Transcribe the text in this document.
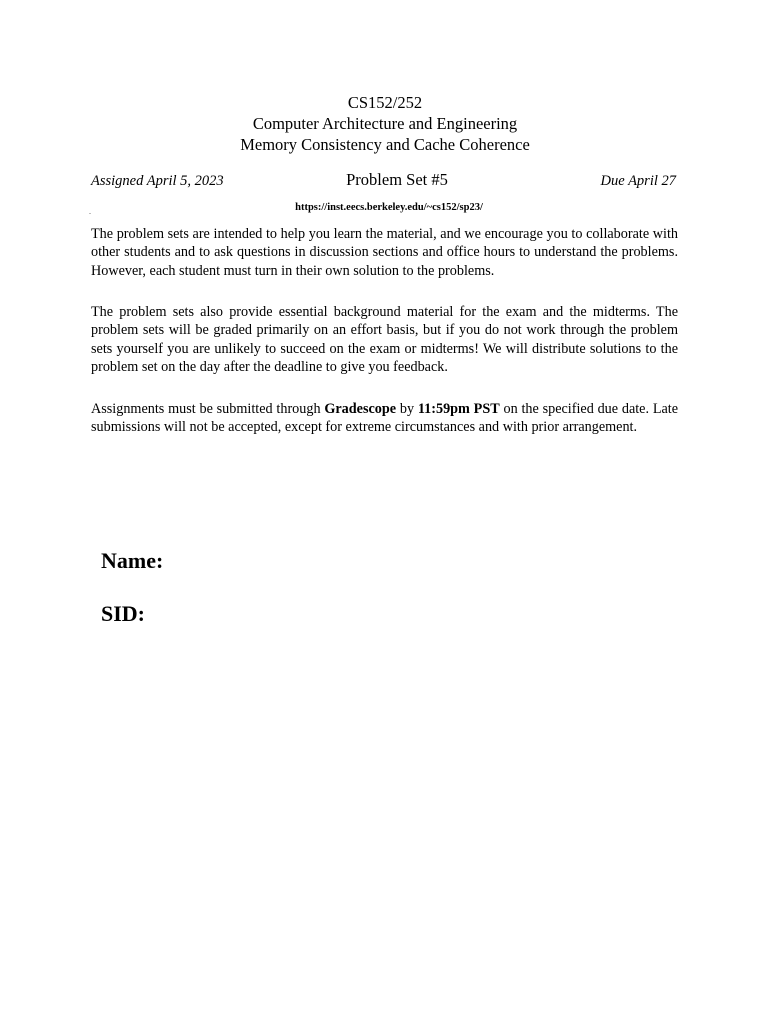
CS152/252
Computer Architecture and Engineering
Memory Consistency and Cache Coherence
Assigned April 5, 2023	Problem Set #5	Due April 27
.	https://inst.eecs.berkeley.edu/~cs152/sp23/

The problem sets are intended to help you learn the material, and we encourage you to collaborate with other students and to ask questions in discussion sections and office hours to understand the problems. However, each student must turn in their own solution to the problems.

The problem sets also provide essential background material for the exam and the midterms. The problem sets will be graded primarily on an effort basis, but if you do not work through the problem sets yourself you are unlikely to succeed on the exam or midterms! We will distribute solutions to the problem set on the day after the deadline to give you feedback.

Assignments must be submitted through Gradescope by 11:59pm PST on the specified due date. Late submissions will not be accepted, except for extreme circumstances and with prior arrangement.

Name:
SID:
